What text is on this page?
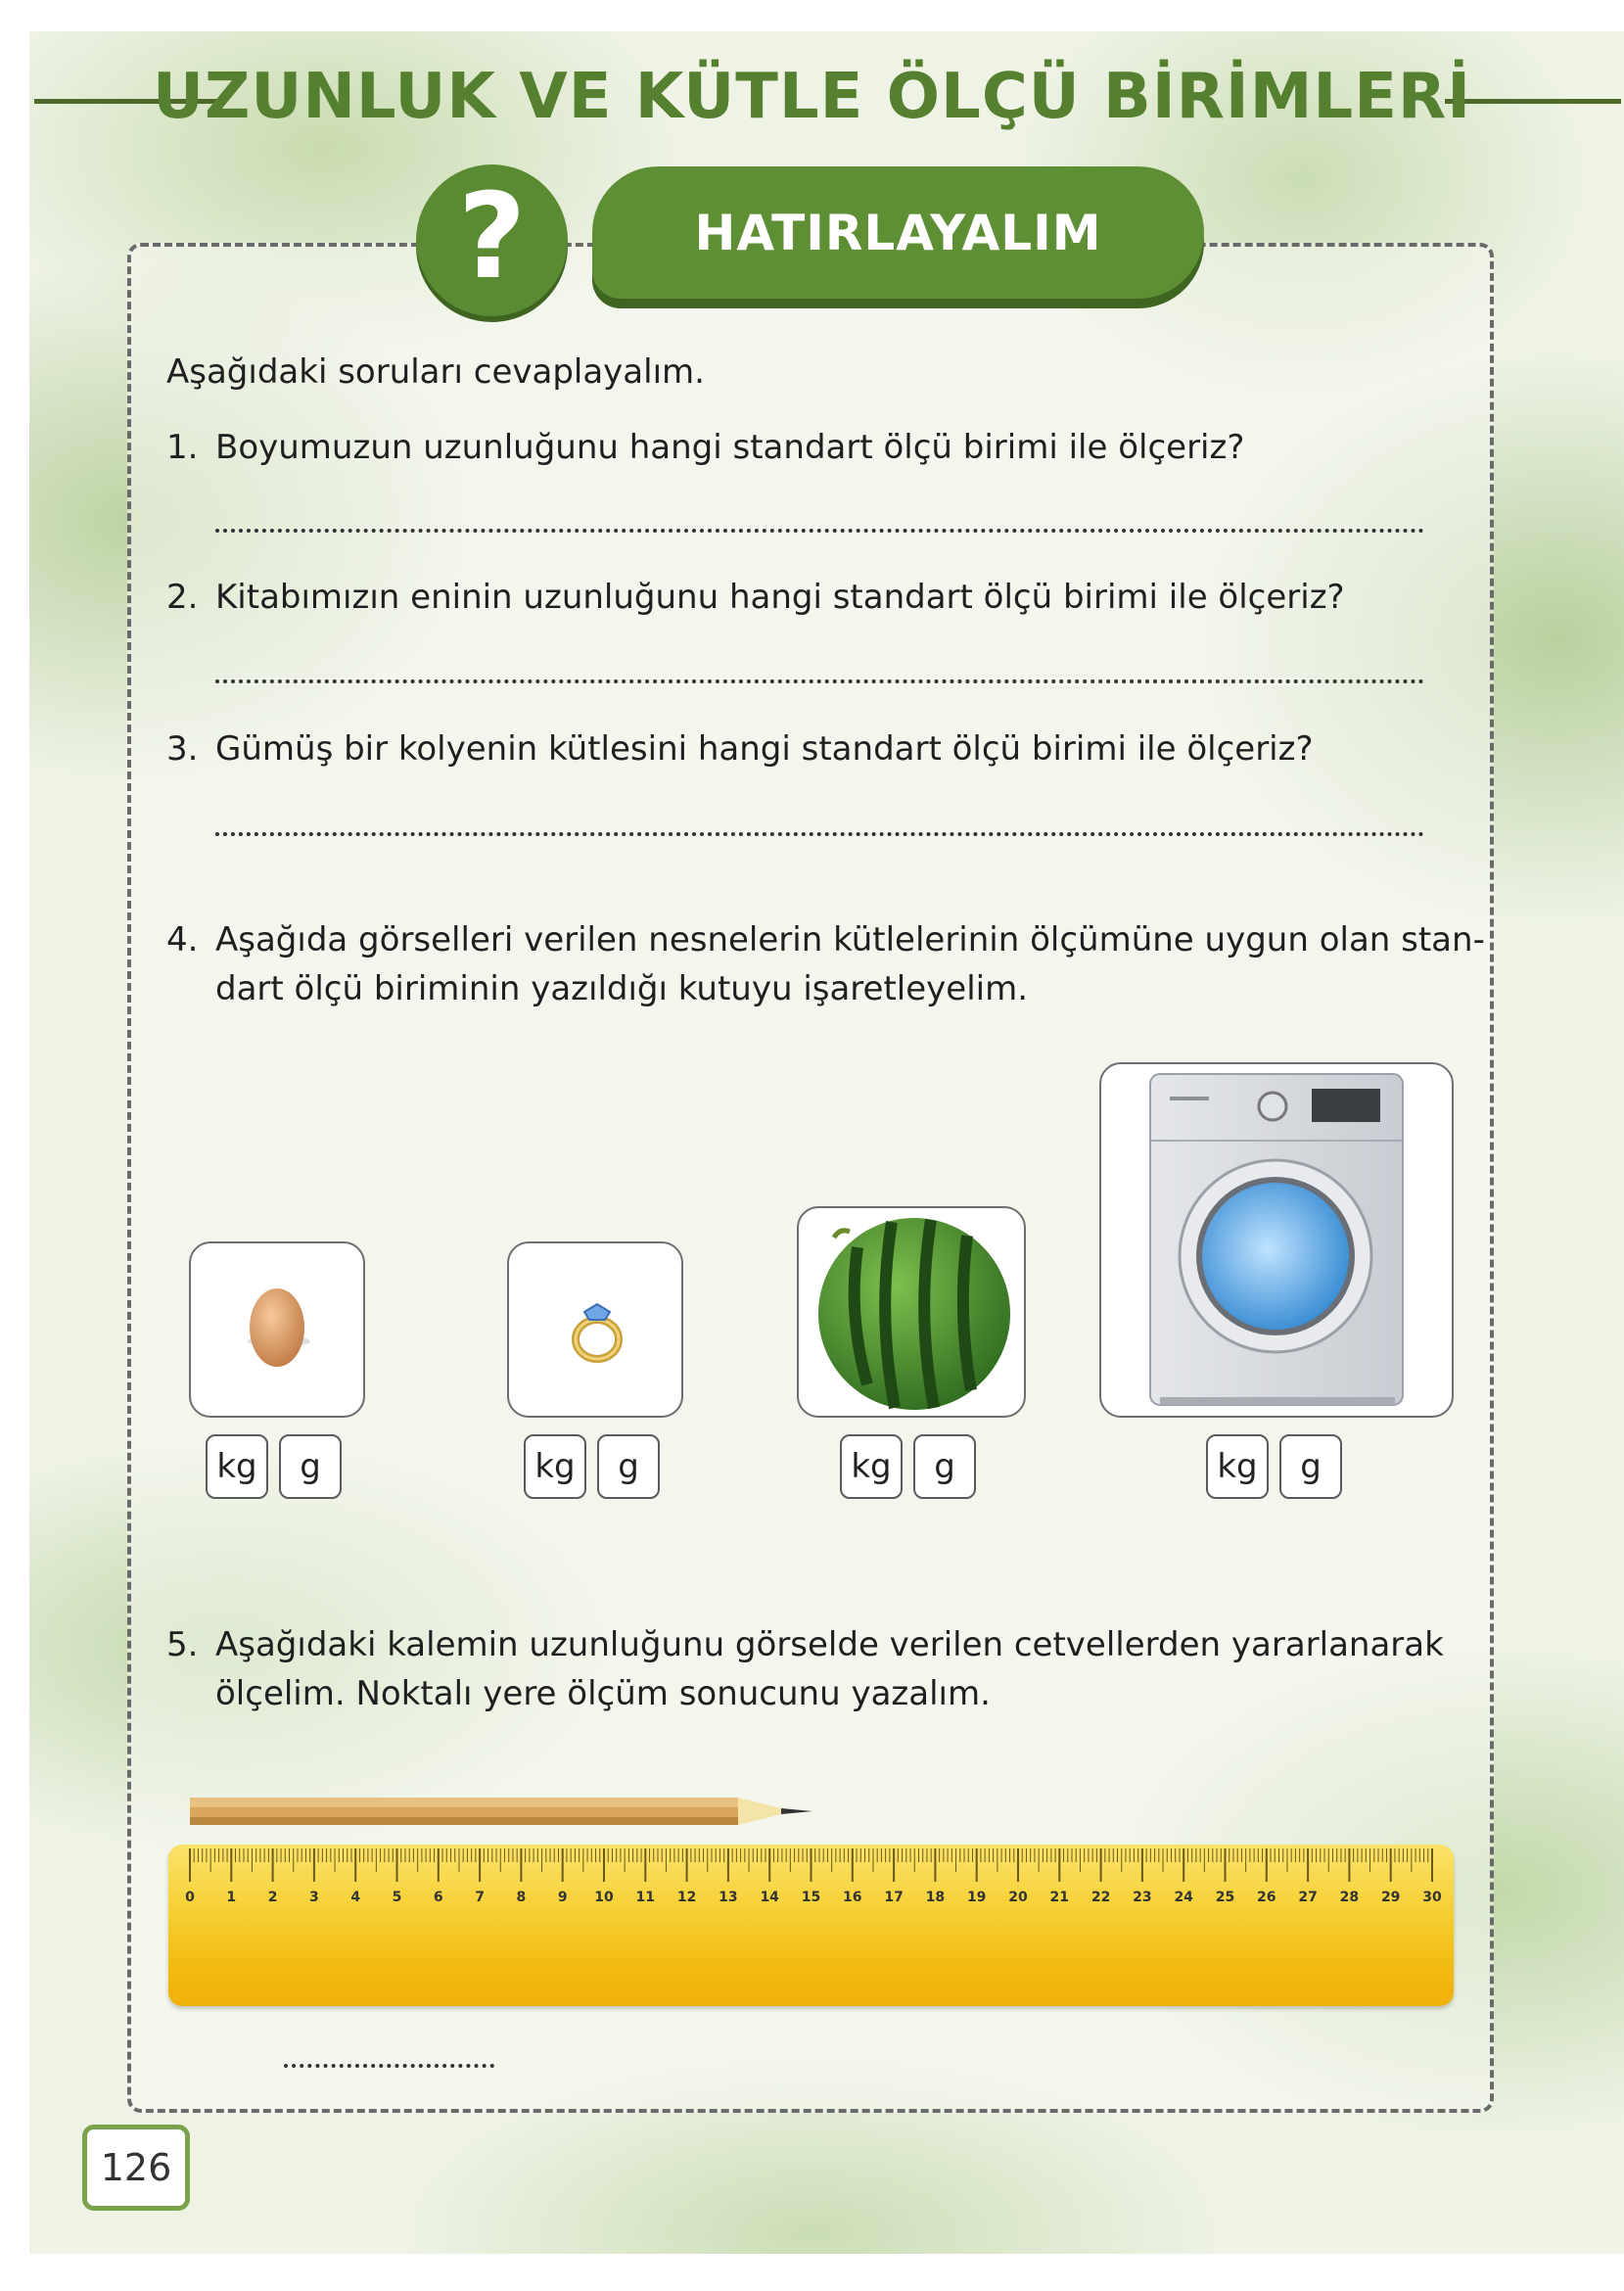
UZUNLUK VE KÜTLE ÖLÇÜ BİRİMLERİ
?	HATIRLAYALIM
Aşağıdaki soruları cevaplayalım.
1. Boyumuzun uzunluğunu hangi standart ölçü birimi ile ölçeriz?
2. Kitabımızın eninin uzunluğunu hangi standart ölçü birimi ile ölçeriz?
3. Gümüş bir kolyenin kütlesini hangi standart ölçü birimi ile ölçeriz?
4. Aşağıda görselleri verilen nesnelerin kütlelerinin ölçümüne uygun olan stan-
dart ölçü biriminin yazıldığı kutuyu işaretleyelim.
kg	g	kg	g	kg	g	kg	g
5. Aşağıdaki kalemin uzunluğunu görselde verilen cetvellerden yararlanarak
ölçelim. Noktalı yere ölçüm sonucunu yazalım.
0 1 2 3 4 5 6 7 8 9 10 11 12 13 14 15 16 17 18 19 20 21 22 23 24 25 26 27 28 29 30
126
